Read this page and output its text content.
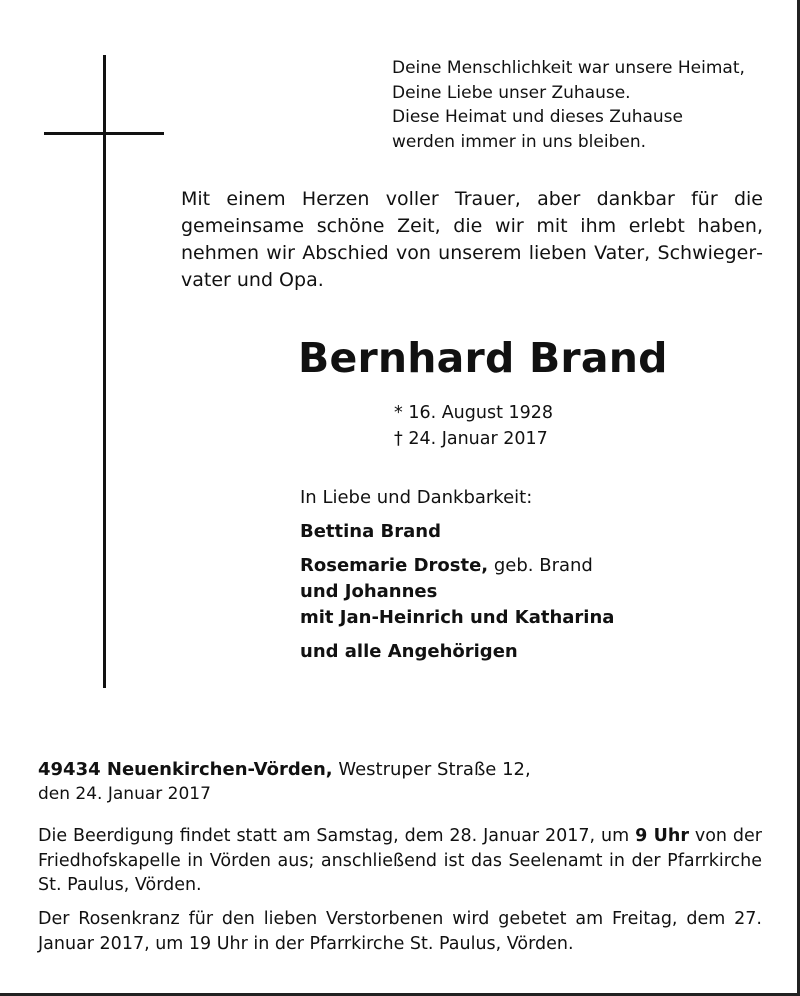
Deine Menschlichkeit war unsere Heimat,
Deine Liebe unser Zuhause.
Diese Heimat und dieses Zuhause
werden immer in uns bleiben.
Mit einem Herzen voller Trauer, aber dankbar für die gemeinsame schöne Zeit, die wir mit ihm erlebt haben, nehmen wir Abschied von unserem lieben Vater, Schwiegervater und Opa.
Bernhard Brand
* 16. August 1928
† 24. Januar 2017
In Liebe und Dankbarkeit:
Bettina Brand
Rosemarie Droste, geb. Brand
und Johannes
mit Jan-Heinrich und Katharina
und alle Angehörigen
49434 Neuenkirchen-Vörden, Westruper Straße 12,
den 24. Januar 2017
Die Beerdigung findet statt am Samstag, dem 28. Januar 2017, um 9 Uhr von der Friedhofskapelle in Vörden aus; anschließend ist das Seelenamt in der Pfarrkirche St. Paulus, Vörden.
Der Rosenkranz für den lieben Verstorbenen wird gebetet am Freitag, dem 27. Januar 2017, um 19 Uhr in der Pfarrkirche St. Paulus, Vörden.
